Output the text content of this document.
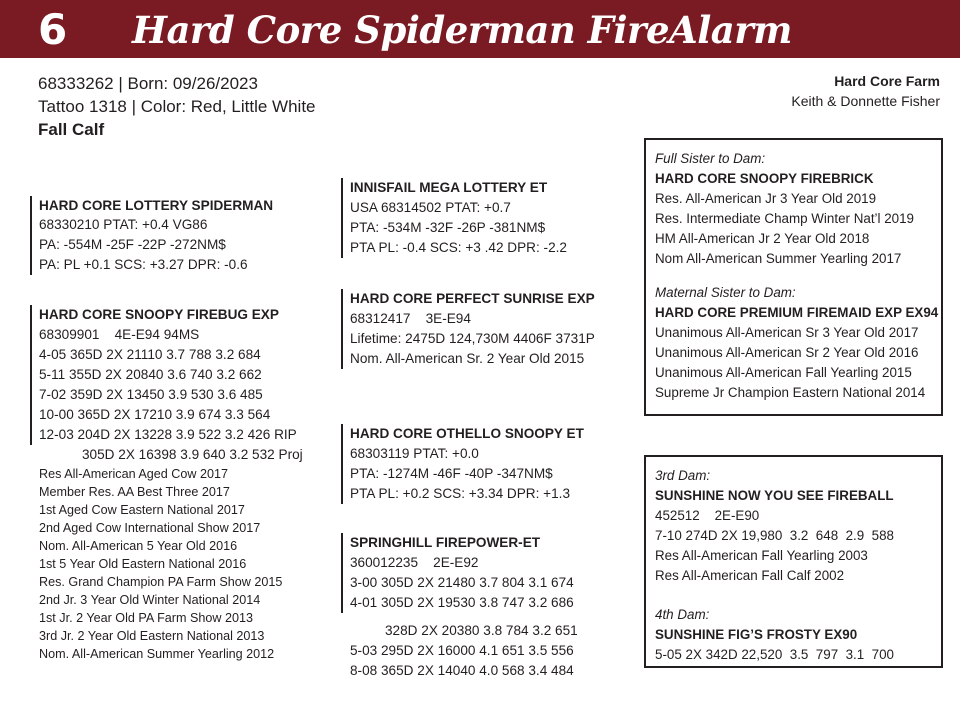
6 Hard Core Spiderman FireAlarm
68333262 | Born: 09/26/2023
Tattoo 1318 | Color: Red, Little White
Fall Calf
Hard Core Farm
Keith & Donnette Fisher
HARD CORE LOTTERY SPIDERMAN
68330210 PTAT: +0.4 VG86
PA: -554M -25F -22P -272NM$
PA: PL +0.1 SCS: +3.27 DPR: -0.6
HARD CORE SNOOPY FIREBUG EXP
68309901    4E-E94 94MS
4-05 365D 2X 21110 3.7 788 3.2 684
5-11 355D 2X 20840 3.6 740 3.2 662
7-02 359D 2X 13450 3.9 530 3.6 485
10-00 365D 2X 17210 3.9 674 3.3 564
12-03 204D 2X 13228 3.9 522 3.2 426 RIP
305D 2X 16398 3.9 640 3.2 532 Proj
Res All-American Aged Cow 2017
Member Res. AA Best Three 2017
1st Aged Cow Eastern National 2017
2nd Aged Cow International Show 2017
Nom. All-American 5 Year Old 2016
1st 5 Year Old Eastern National 2016
Res. Grand Champion PA Farm Show 2015
2nd Jr. 3 Year Old Winter National 2014
1st Jr. 2 Year Old PA Farm Show 2013
3rd Jr. 2 Year Old Eastern National 2013
Nom. All-American Summer Yearling 2012
INNISFAIL MEGA LOTTERY ET
USA 68314502 PTAT: +0.7
PTA: -534M -32F -26P -381NM$
PTA PL: -0.4 SCS: +3 .42 DPR: -2.2
HARD CORE PERFECT SUNRISE EXP
68312417    3E-E94
Lifetime: 2475D 124,730M 4406F 3731P
Nom. All-American Sr. 2 Year Old 2015
HARD CORE OTHELLO SNOOPY ET
68303119 PTAT: +0.0
PTA: -1274M -46F -40P -347NM$
PTA PL: +0.2 SCS: +3.34 DPR: +1.3
SPRINGHILL FIREPOWER-ET
360012235    2E-E92
3-00 305D 2X 21480 3.7 804 3.1 674
4-01 305D 2X 19530 3.8 747 3.2 686
328D 2X 20380 3.8 784 3.2 651
5-03 295D 2X 16000 4.1 651 3.5 556
8-08 365D 2X 14040 4.0 568 3.4 484
Full Sister to Dam:
HARD CORE SNOOPY FIREBRICK
Res. All-American Jr 3 Year Old 2019
Res. Intermediate Champ Winter Nat’l 2019
HM All-American Jr 2 Year Old 2018
Nom All-American Summer Yearling 2017
Maternal Sister to Dam:
HARD CORE PREMIUM FIREMAID EXP EX94
Unanimous All-American Sr 3 Year Old 2017
Unanimous All-American Sr 2 Year Old 2016
Unanimous All-American Fall Yearling 2015
Supreme Jr Champion Eastern National 2014
3rd Dam:
SUNSHINE NOW YOU SEE FIREBALL
452512    2E-E90
7-10 274D 2X 19,980  3.2  648  2.9  588
Res All-American Fall Yearling 2003
Res All-American Fall Calf 2002
4th Dam:
SUNSHINE FIG’S FROSTY EX90
5-05 2X 342D 22,520  3.5  797  3.1  700
